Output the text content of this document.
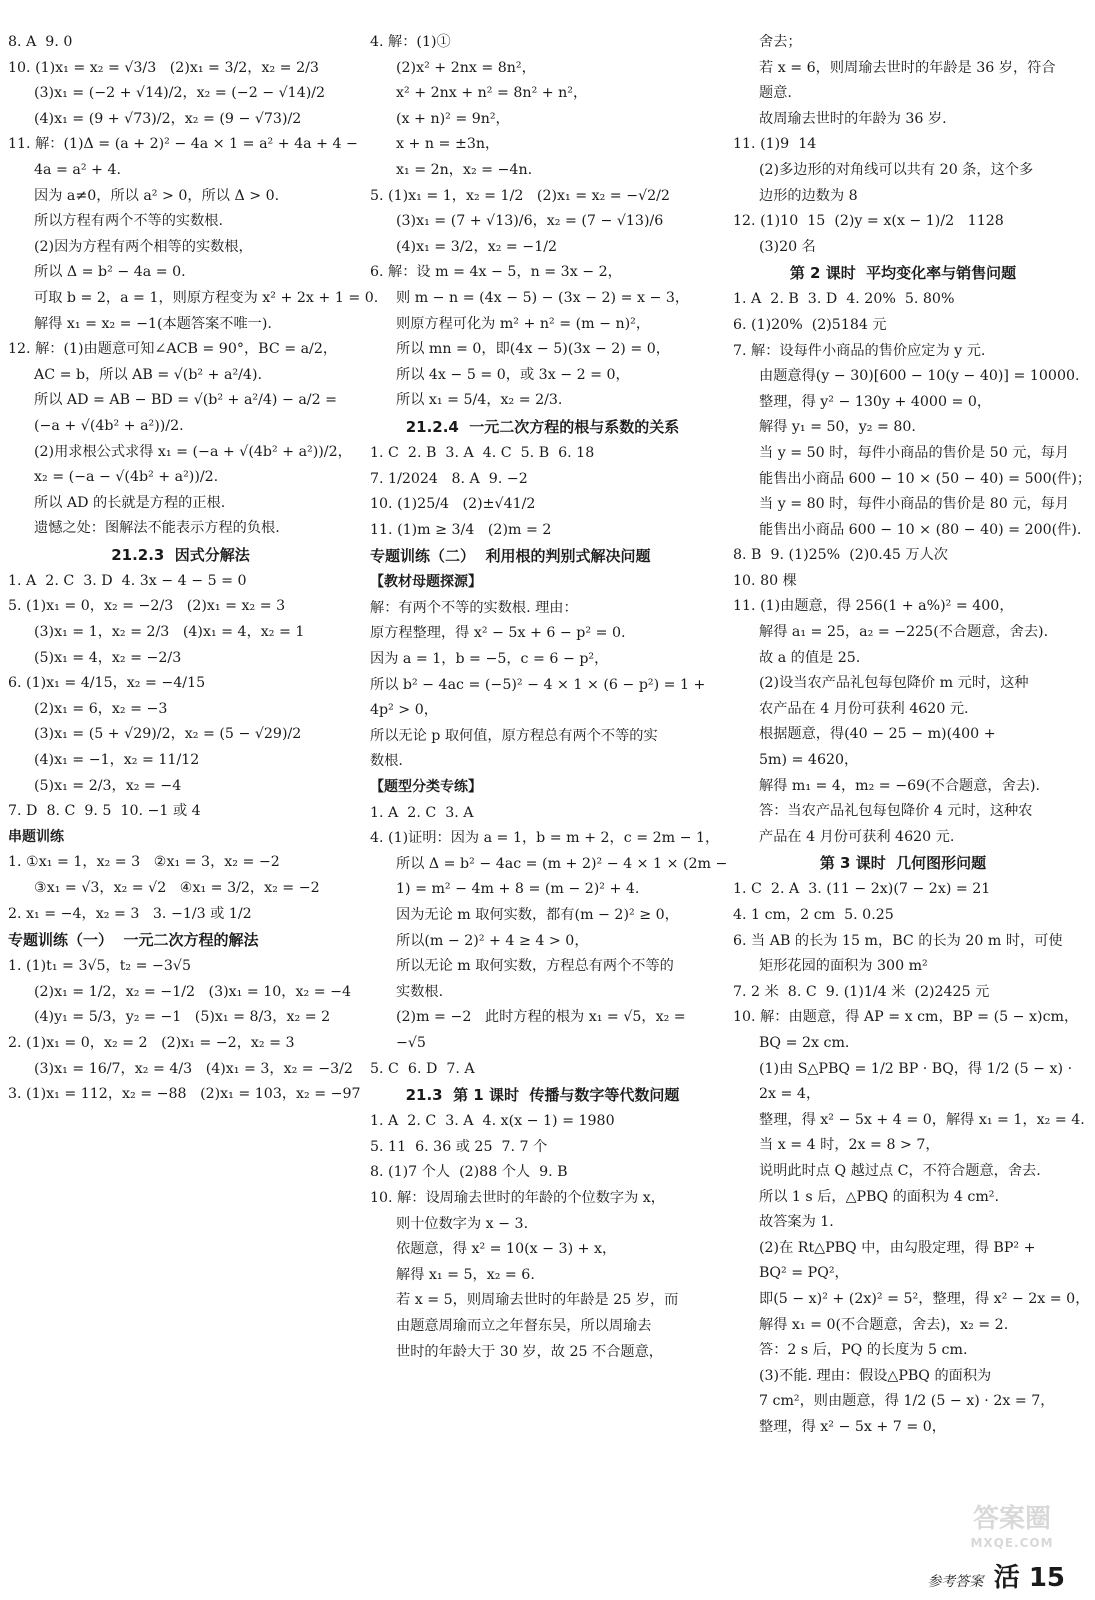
8. A  9. 0
10. (1)x₁ = x₂ = √3/3   (2)x₁ = 3/2，x₂ = 2/3
(3)x₁ = (−2 + √14)/2，x₂ = (−2 − √14)/2
(4)x₁ = (9 + √73)/2，x₂ = (9 − √73)/2
11. 解：(1)Δ = (a + 2)² − 4a × 1 = a² + 4a + 4 −
4a = a² + 4.
因为 a≠0，所以 a² > 0，所以 Δ > 0.
所以方程有两个不等的实数根.
(2)因为方程有两个相等的实数根，
所以 Δ = b² − 4a = 0.
可取 b = 2，a = 1，则原方程变为 x² + 2x + 1 = 0.
解得 x₁ = x₂ = −1(本题答案不唯一).
12. 解：(1)由题意可知∠ACB = 90°，BC = a/2，
AC = b，所以 AB = √(b² + a²/4).
所以 AD = AB − BD = √(b² + a²/4) − a/2 =
(−a + √(4b² + a²))/2.
(2)用求根公式求得 x₁ = (−a + √(4b² + a²))/2，
x₂ = (−a − √(4b² + a²))/2.
所以 AD 的长就是方程的正根.
遗憾之处：图解法不能表示方程的负根.
21.2.3  因式分解法
1. A  2. C  3. D  4. 3x − 4 − 5 = 0
5. (1)x₁ = 0，x₂ = −2/3   (2)x₁ = x₂ = 3
(3)x₁ = 1，x₂ = 2/3   (4)x₁ = 4，x₂ = 1
(5)x₁ = 4，x₂ = −2/3
6. (1)x₁ = 4/15，x₂ = −4/15
(2)x₁ = 6，x₂ = −3
(3)x₁ = (5 + √29)/2，x₂ = (5 − √29)/2
(4)x₁ = −1，x₂ = 11/12
(5)x₁ = 2/3，x₂ = −4
7. D  8. C  9. 5  10. −1 或 4
串题训练
1. ①x₁ = 1，x₂ = 3   ②x₁ = 3，x₂ = −2
③x₁ = √3，x₂ = √2   ④x₁ = 3/2，x₂ = −2
2. x₁ = −4，x₂ = 3   3. −1/3 或 1/2
专题训练（一）  一元二次方程的解法
1. (1)t₁ = 3√5，t₂ = −3√5
(2)x₁ = 1/2，x₂ = −1/2   (3)x₁ = 10，x₂ = −4
(4)y₁ = 5/3，y₂ = −1   (5)x₁ = 8/3，x₂ = 2
2. (1)x₁ = 0，x₂ = 2   (2)x₁ = −2，x₂ = 3
(3)x₁ = 16/7，x₂ = 4/3   (4)x₁ = 3，x₂ = −3/2
3. (1)x₁ = 112，x₂ = −88   (2)x₁ = 103，x₂ = −97
4. 解：(1)①
(2)x² + 2nx = 8n²，
x² + 2nx + n² = 8n² + n²，
(x + n)² = 9n²，
x + n = ±3n，
x₁ = 2n，x₂ = −4n.
5. (1)x₁ = 1，x₂ = 1/2   (2)x₁ = x₂ = −√2/2
(3)x₁ = (7 + √13)/6，x₂ = (7 − √13)/6
(4)x₁ = 3/2，x₂ = −1/2
6. 解：设 m = 4x − 5，n = 3x − 2，
则 m − n = (4x − 5) − (3x − 2) = x − 3，
则原方程可化为 m² + n² = (m − n)²，
所以 mn = 0，即(4x − 5)(3x − 2) = 0，
所以 4x − 5 = 0，或 3x − 2 = 0，
所以 x₁ = 5/4，x₂ = 2/3.
21.2.4  一元二次方程的根与系数的关系
1. C  2. B  3. A  4. C  5. B  6. 18
7. 1/2024   8. A  9. −2
10. (1)25/4   (2)±√41/2
11. (1)m ≥ 3/4   (2)m = 2
专题训练（二）  利用根的判别式解决问题
【教材母题探源】
解：有两个不等的实数根. 理由：
原方程整理，得 x² − 5x + 6 − p² = 0.
因为 a = 1，b = −5，c = 6 − p²，
所以 b² − 4ac = (−5)² − 4 × 1 × (6 − p²) = 1 +
4p² > 0，
所以无论 p 取何值，原方程总有两个不等的实
数根.
【题型分类专练】
1. A  2. C  3. A
4. (1)证明：因为 a = 1，b = m + 2，c = 2m − 1，
所以 Δ = b² − 4ac = (m + 2)² − 4 × 1 × (2m −
1) = m² − 4m + 8 = (m − 2)² + 4.
因为无论 m 取何实数，都有(m − 2)² ≥ 0，
所以(m − 2)² + 4 ≥ 4 > 0，
所以无论 m 取何实数，方程总有两个不等的
实数根.
(2)m = −2   此时方程的根为 x₁ = √5，x₂ =
−√5
5. C  6. D  7. A
21.3  第 1 课时  传播与数字等代数问题
1. A  2. C  3. A  4. x(x − 1) = 1980
5. 11  6. 36 或 25  7. 7 个
8. (1)7 个人  (2)88 个人  9. B
10. 解：设周瑜去世时的年龄的个位数字为 x，
则十位数字为 x − 3.
依题意，得 x² = 10(x − 3) + x，
解得 x₁ = 5，x₂ = 6.
若 x = 5，则周瑜去世时的年龄是 25 岁，而
由题意周瑜而立之年督东吴，所以周瑜去
世时的年龄大于 30 岁，故 25 不合题意，
舍去；
若 x = 6，则周瑜去世时的年龄是 36 岁，符合
题意.
故周瑜去世时的年龄为 36 岁.
11. (1)9  14
(2)多边形的对角线可以共有 20 条，这个多
边形的边数为 8
12. (1)10  15  (2)y = x(x − 1)/2   1128
(3)20 名
第 2 课时  平均变化率与销售问题
1. A  2. B  3. D  4. 20%  5. 80%
6. (1)20%  (2)5184 元
7. 解：设每件小商品的售价应定为 y 元.
由题意得(y − 30)[600 − 10(y − 40)] = 10000.
整理，得 y² − 130y + 4000 = 0，
解得 y₁ = 50，y₂ = 80.
当 y = 50 时，每件小商品的售价是 50 元，每月
能售出小商品 600 − 10 × (50 − 40) = 500(件)；
当 y = 80 时，每件小商品的售价是 80 元，每月
能售出小商品 600 − 10 × (80 − 40) = 200(件).
8. B  9. (1)25%  (2)0.45 万人次
10. 80 棵
11. (1)由题意，得 256(1 + a%)² = 400，
解得 a₁ = 25，a₂ = −225(不合题意，舍去).
故 a 的值是 25.
(2)设当农产品礼包每包降价 m 元时，这种
农产品在 4 月份可获利 4620 元.
根据题意，得(40 − 25 − m)(400 +
5m) = 4620，
解得 m₁ = 4，m₂ = −69(不合题意，舍去).
答：当农产品礼包每包降价 4 元时，这种农
产品在 4 月份可获利 4620 元.
第 3 课时  几何图形问题
1. C  2. A  3. (11 − 2x)(7 − 2x) = 21
4. 1 cm，2 cm  5. 0.25
6. 当 AB 的长为 15 m，BC 的长为 20 m 时，可使
矩形花园的面积为 300 m²
7. 2 米  8. C  9. (1)1/4 米  (2)2425 元
10. 解：由题意，得 AP = x cm，BP = (5 − x)cm，
BQ = 2x cm.
(1)由 S△PBQ = 1/2 BP · BQ，得 1/2 (5 − x) ·
2x = 4，
整理，得 x² − 5x + 4 = 0，解得 x₁ = 1，x₂ = 4.
当 x = 4 时，2x = 8 > 7，
说明此时点 Q 越过点 C，不符合题意，舍去.
所以 1 s 后，△PBQ 的面积为 4 cm².
故答案为 1.
(2)在 Rt△PBQ 中，由勾股定理，得 BP² +
BQ² = PQ²，
即(5 − x)² + (2x)² = 5²，整理，得 x² − 2x = 0，
解得 x₁ = 0(不合题意，舍去)，x₂ = 2.
答：2 s 后，PQ 的长度为 5 cm.
(3)不能. 理由：假设△PBQ 的面积为
7 cm²，则由题意，得 1/2 (5 − x) · 2x = 7，
整理，得 x² − 5x + 7 = 0，
答案圈
MXQE.COM
参考答案 活 15
